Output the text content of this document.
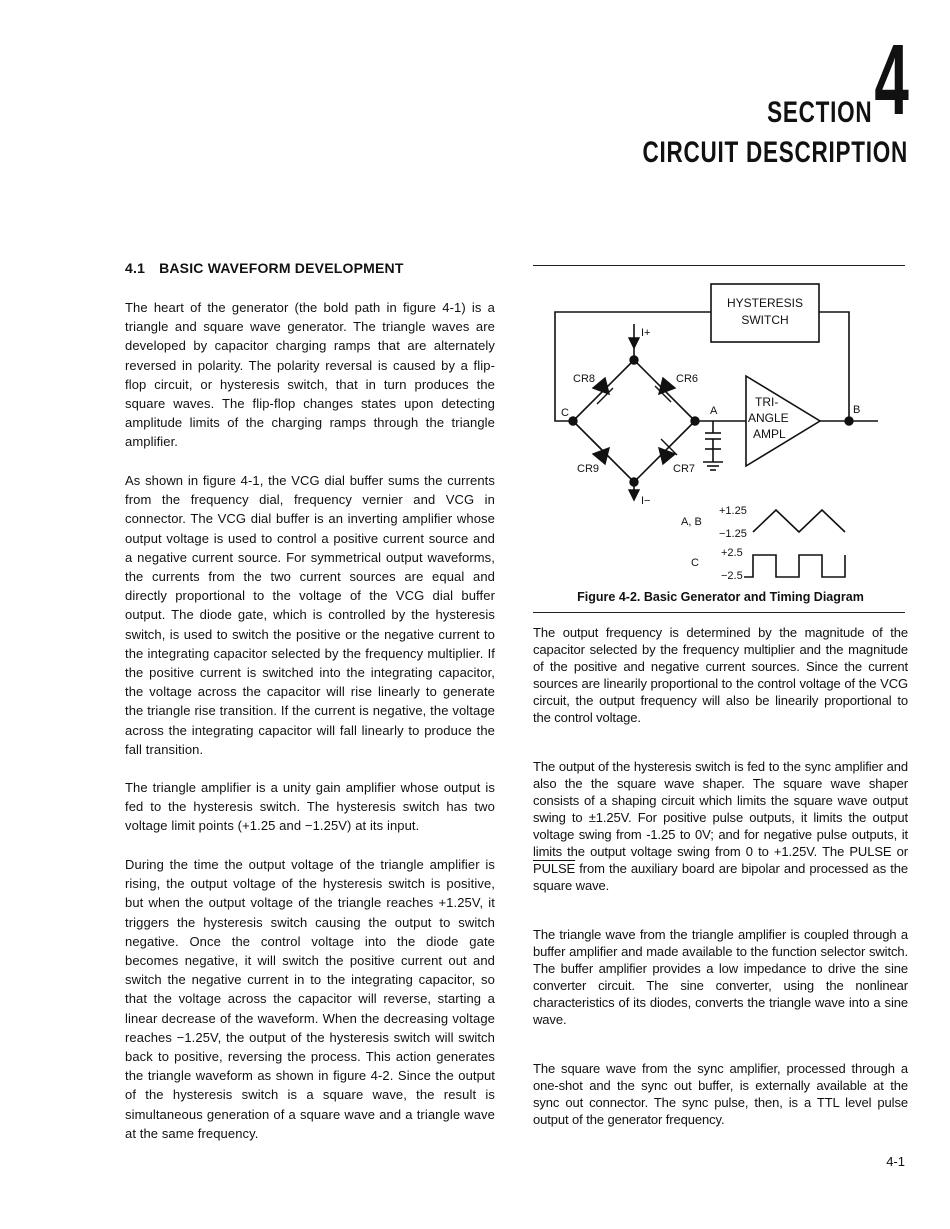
4
SECTION
CIRCUIT DESCRIPTION
4.1 BASIC WAVEFORM DEVELOPMENT

The heart of the generator (the bold path in figure 4-1) is a triangle and square wave generator. The triangle waves are developed by capacitor charging ramps that are alternately reversed in polarity. The polarity reversal is caused by a flip-flop circuit, or hysteresis switch, that in turn produces the square waves. The flip-flop changes states upon detecting amplitude limits of the charging ramps through the triangle amplifier.

As shown in figure 4-1, the VCG dial buffer sums the currents from the frequency dial, frequency vernier and VCG in connector. The VCG dial buffer is an inverting amplifier whose output voltage is used to control a positive current source and a negative current source. For symmetrical output waveforms, the currents from the two current sources are equal and directly proportional to the voltage of the VCG dial buffer output. The diode gate, which is controlled by the hysteresis switch, is used to switch the positive or the negative current to the integrating capacitor selected by the frequency multiplier. If the positive current is switched into the integrating capacitor, the voltage across the capacitor will rise linearly to generate the triangle rise transition. If the current is negative, the voltage across the integrating capacitor will fall linearly to produce the fall transition.

The triangle amplifier is a unity gain amplifier whose output is fed to the hysteresis switch. The hysteresis switch has two voltage limit points (+1.25 and −1.25V) at its input.

During the time the output voltage of the triangle amplifier is rising, the output voltage of the hysteresis switch is positive, but when the output voltage of the triangle reaches +1.25V, it triggers the hysteresis switch causing the output to switch negative. Once the control voltage into the diode gate becomes negative, it will switch the positive current out and switch the negative current in to the integrating capacitor, so that the voltage across the capacitor will reverse, starting a linear decrease of the waveform. When the decreasing voltage reaches −1.25V, the output of the hysteresis switch will switch back to positive, reversing the process. This action generates the triangle waveform as shown in figure 4-2. Since the output of the hysteresis switch is a square wave, the result is simultaneous generation of a square wave and a triangle wave at the same frequency.

HYSTERESIS
SWITCH
I+
I−
CR8	CR6
CR9	CR7
C	A	B
TRI-
ANGLE
AMPL
+1.25
A, B
−1.25
+2.5
C
−2.5
Figure 4-2. Basic Generator and Timing Diagram

The output frequency is determined by the magnitude of the capacitor selected by the frequency multiplier and the magnitude of the positive and negative current sources. Since the current sources are linearily proportional to the control voltage of the VCG circuit, the output frequency will also be linearily proportional to the control voltage.

The output of the hysteresis switch is fed to the sync amplifier and also the the square wave shaper. The square wave shaper consists of a shaping circuit which limits the square wave output swing to ±1.25V. For positive pulse outputs, it limits the output voltage swing from -1.25 to 0V; and for negative pulse outputs, it limits the output voltage swing from 0 to +1.25V. The PULSE or PULSE from the auxiliary board are bipolar and processed as the square wave.

The triangle wave from the triangle amplifier is coupled through a buffer amplifier and made available to the function selector switch. The buffer amplifier provides a low impedance to drive the sine converter circuit. The sine converter, using the nonlinear characteristics of its diodes, converts the triangle wave into a sine wave.

The square wave from the sync amplifier, processed through a one-shot and the sync out buffer, is externally available at the sync out connector. The sync pulse, then, is a TTL level pulse output of the generator frequency.

4-1
